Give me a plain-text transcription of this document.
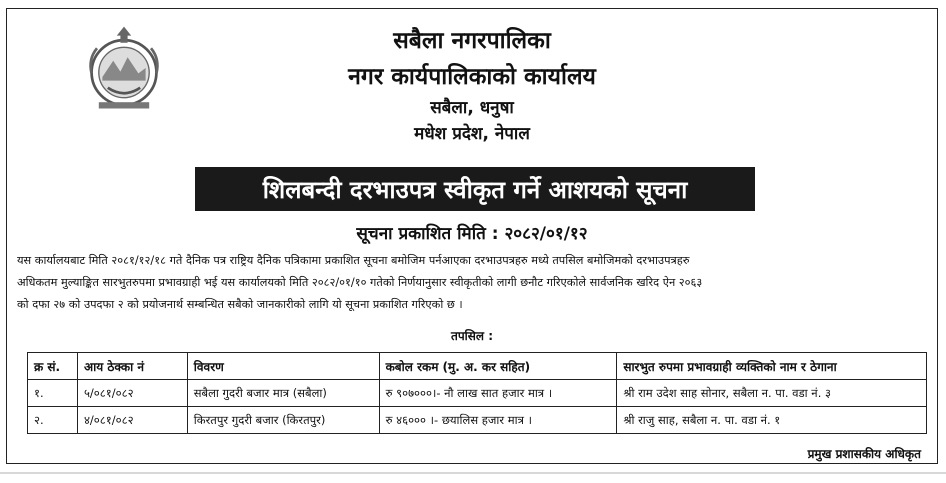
सबैला नगरपालिका
नगर कार्यपालिकाको कार्यालय
सबैला, धनुषा
मधेश प्रदेश, नेपाल
शिलबन्दी दरभाउपत्र स्वीकृत गर्ने आशयको सूचना
सूचना प्रकाशित मिति : २०८२/०१/१२
यस कार्यालयबाट मिति २०८१/१२/१८ गते दैनिक पत्र राष्ट्रिय दैनिक पत्रिकामा प्रकाशित सूचना बमोजिम पर्नआएका दरभाउपत्रहरु मध्ये तपसिल बमोजिमको दरभाउपत्रहरु
अधिकतम मुल्याङ्कित सारभुतरुपमा प्रभावग्राही भई यस कार्यालयको मिति २०८२/०१/१० गतेको निर्णयानुसार स्वीकृतीको लागी छनौट गरिएकोले सार्वजनिक खरिद ऐन २०६३
को दफा २७ को उपदफा २ को प्रयोजनार्थ सम्बन्धित सबैको जानकारीको लागि यो सूचना प्रकाशित गरिएको छ ।
तपसिल :
क्र सं.	आय ठेक्का नं	विवरण	कबोल रकम (मु. अ. कर सहित)	सारभुत रुपमा प्रभावग्राही व्यक्तिको नाम र ठेगाना
१.	५/०८१/०८२	सबैला गुदरी बजार मात्र (सबैला)	रु ९०७०००।- नौ लाख सात हजार मात्र ।	श्री राम उदेश साह सोनार, सबैला न. पा. वडा नं. ३
२.	४/०८१/०८२	किरतपुर गुदरी बजार (किरतपुर)	रु ४६००० ।- छयालिस हजार मात्र ।	श्री राजु साह, सबैला न. पा. वडा नं. १
प्रमुख प्रशासकीय अधिकृत
